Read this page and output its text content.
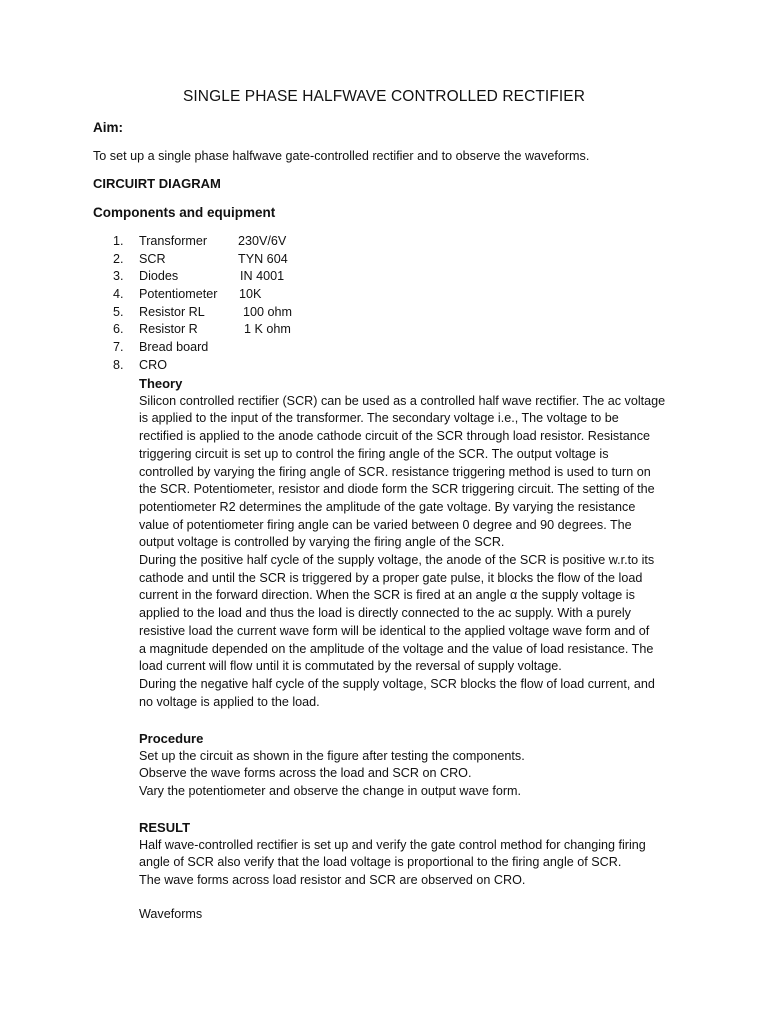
SINGLE PHASE HALFWAVE CONTROLLED RECTIFIER
Aim:
To set up a single phase halfwave gate-controlled rectifier and to observe the waveforms.
CIRCUIRT DIAGRAM
Components and equipment
1.	Transformer 230V/6V
2.	SCR	TYN 604
3.	Diodes	IN 4001
4.	Potentiometer 10K
5.	Resistor RL	100 ohm
6.	Resistor R	1 K ohm
7.	Bread board
8.	CRO

Theory

Silicon controlled rectifier (SCR) can be used as a controlled half wave rectifier. The ac voltage

is applied to the input of the transformer. The secondary voltage i.e., The voltage to be

rectified is applied to the anode cathode circuit of the SCR through load resistor. Resistance

triggering circuit is set up to control the firing angle of the SCR. The output voltage is

controlled by varying the firing angle of SCR. resistance triggering method is used to turn on

the SCR. Potentiometer, resistor and diode form the SCR triggering circuit. The setting of the

potentiometer R2 determines the amplitude of the gate voltage. By varying the resistance

value of potentiometer firing angle can be varied between 0 degree and 90 degrees. The

output voltage is controlled by varying the firing angle of the SCR.

During the positive half cycle of the supply voltage, the anode of the SCR is positive w.r.to its

cathode and until the SCR is triggered by a proper gate pulse, it blocks the flow of the load

current in the forward direction. When the SCR is fired at an angle α the supply voltage is

applied to the load and thus the load is directly connected to the ac supply. With a purely

resistive load the current wave form will be identical to the applied voltage wave form and of

a magnitude depended on the amplitude of the voltage and the value of load resistance. The

load current will flow until it is commutated by the reversal of supply voltage.

During the negative half cycle of the supply voltage, SCR blocks the flow of load current, and

no voltage is applied to the load.

Procedure

Set up the circuit as shown in the figure after testing the components.

Observe the wave forms across the load and SCR on CRO.

Vary the potentiometer and observe the change in output wave form.

RESULT

Half wave-controlled rectifier is set up and verify the gate control method for changing firing

angle of SCR also verify that the load voltage is proportional to the firing angle of SCR.

The wave forms across load resistor and SCR are observed on CRO.

Waveforms
